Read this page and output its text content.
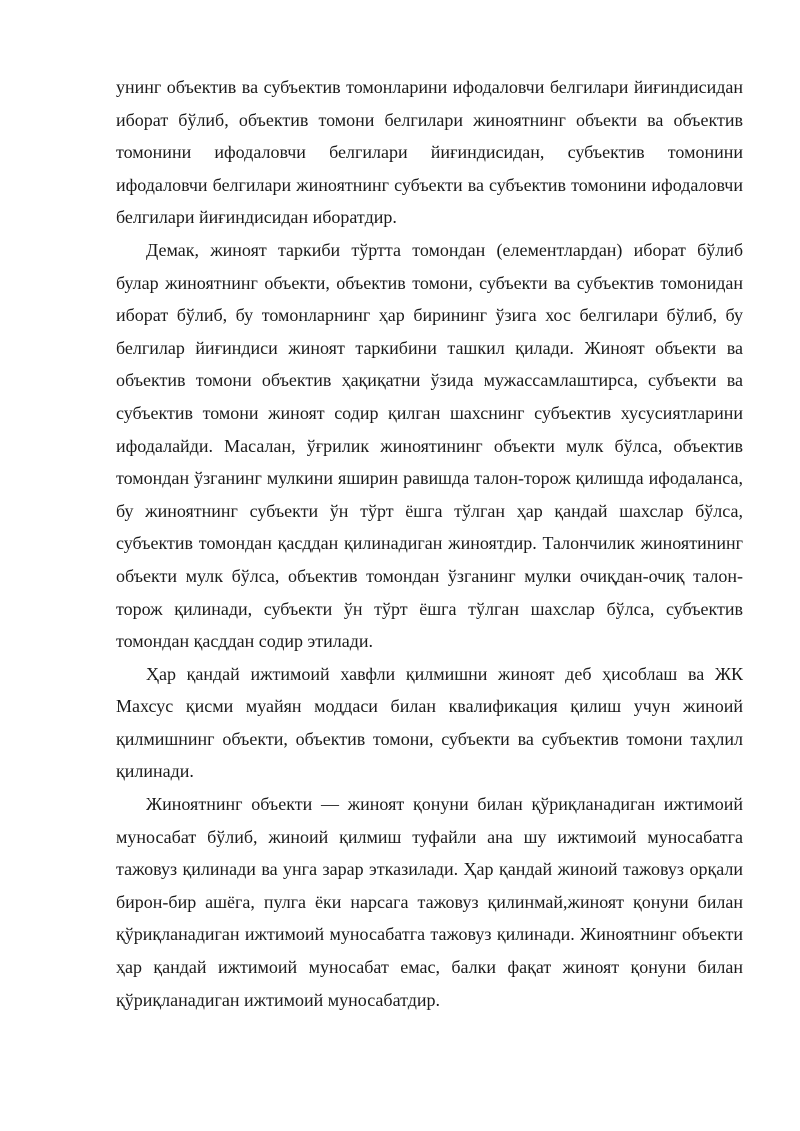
унинг объектив ва субъектив томонларини ифодаловчи белгилари йиғиндисидан иборат бўлиб, объектив томони белгилари жиноятнинг объекти ва объектив томонини ифодаловчи белгилари йиғиндисидан, субъектив томонини ифодаловчи белгилари жиноятнинг субъекти ва субъектив томонини ифодаловчи белгилари йиғиндисидан иборатдир.

Демак, жиноят таркиби тўртта томондан (елементлардан) иборат бўлиб булар жиноятнинг объекти, объектив томони, субъекти ва субъектив томонидан иборат бўлиб, бу томонларнинг ҳар бирининг ўзига хос белгилари бўлиб, бу белгилар йиғиндиси жиноят таркибини ташкил қилади. Жиноят объекти ва объектив томони объектив ҳақиқатни ўзида мужассамлаштирса, субъекти ва субъектив томони жиноят содир қилган шахснинг субъектив хусусиятларини ифодалайди. Масалан, ўғрилик жиноятининг объекти мулк бўлса, объектив томондан ўзганинг мулкини яширин равишда талон-торож қилишда ифодаланса, бу жиноятнинг субъекти ўн тўрт ёшга тўлган ҳар қандай шахслар бўлса, субъектив томондан қасддан қилинадиган жиноятдир. Талончилик жиноятининг объекти мулк бўлса, объектив томондан ўзганинг мулки очиқдан-очиқ талон-торож қилинади, субъекти ўн тўрт ёшга тўлган шахслар бўлса, субъектив томондан қасддан содир этилади.

Ҳар қандай ижтимоий хавфли қилмишни жиноят деб ҳисоблаш ва ЖК Махсус қисми муайян моддаси билан квалификация қилиш учун жиноий қилмишнинг объекти, объектив томони, субъекти ва субъектив томони таҳлил қилинади.

Жиноятнинг объекти — жиноят қонуни билан қўриқланадиган ижтимоий муносабат бўлиб, жиноий қилмиш туфайли ана шу ижтимоий муносабатга тажовуз қилинади ва унга зарар этказилади. Ҳар қандай жиноий тажовуз орқали бирон-бир ашёга, пулга ёки нарсага тажовуз қилинмай,жиноят қонуни билан қўриқланадиган ижтимоий муносабатга тажовуз қилинади. Жиноятнинг объекти ҳар қандай ижтимоий муносабат емас, балки фақат жиноят қонуни билан қўриқланадиган ижтимоий муносабатдир.
